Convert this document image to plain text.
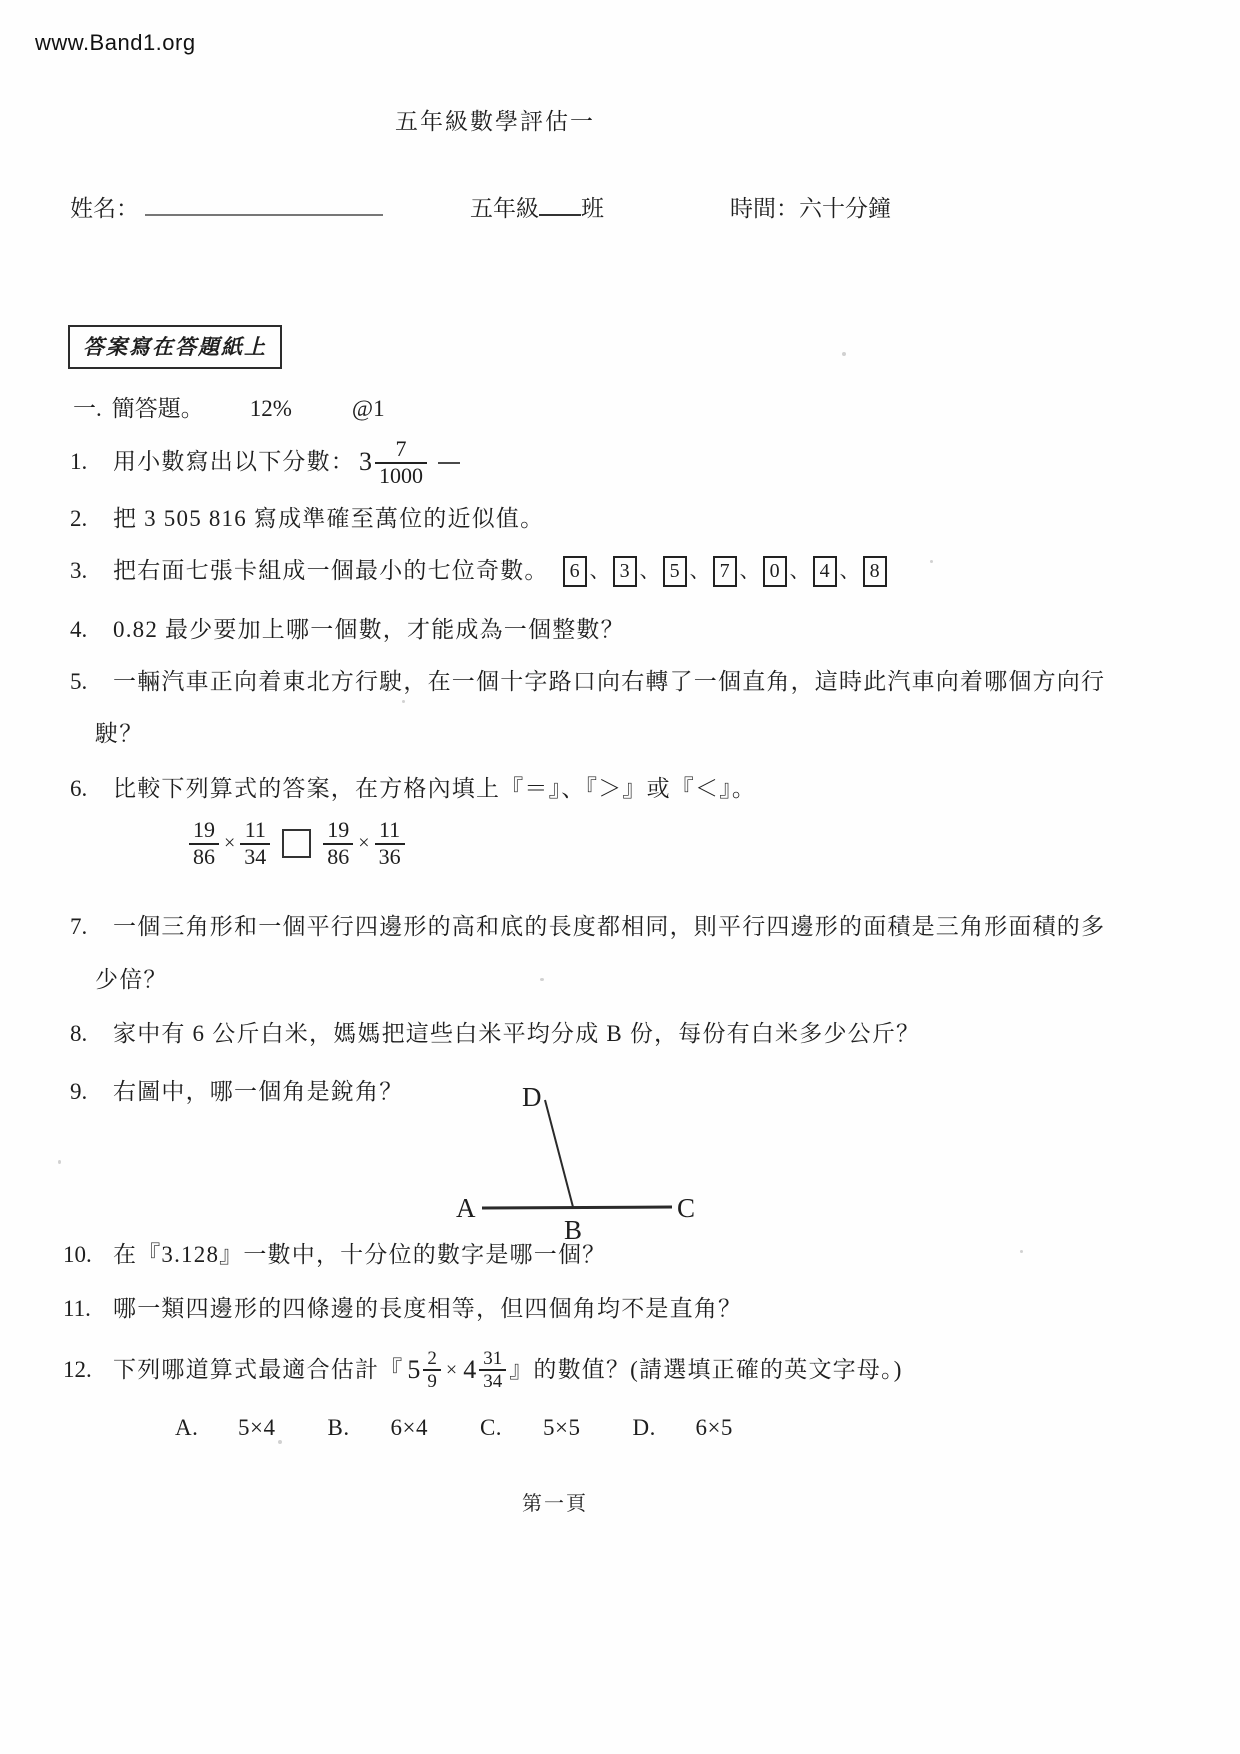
www.Band1.org
五年級數學評估一
姓名：	五年級 班	時間：六十分鐘
答案寫在答題紙上
一. 簡答題。 12%	@1
1.	用小數寫出以下分數： $3 \frac{7}{1000}$
2.	把 3 505 816 寫成準確至萬位的近似值。
3.	把右面七張卡組成一個最小的七位奇數。	6 、 3 、 5 、 7 、 0 、 4 、 8
4.	0.82 最少要加上哪一個數，才能成為一個整數？
5.	一輛汽車正向着東北方行駛，在一個十字路口向右轉了一個直角，這時此汽車向着哪個方向行
駛？
6.	比較下列算式的答案，在方格內填上『＝』、『＞』或『＜』。
$\frac{19}{86} \times \frac{11}{34} \frac{19}{86} \times \frac{11}{36}$
7.	一個三角形和一個平行四邊形的高和底的長度都相同，則平行四邊形的面積是三角形面積的多
少倍？
8.	家中有 6 公斤白米，媽媽把這些白米平均分成 B 份，每份有白米多少公斤？
9.	右圖中，哪一個角是銳角？	D
A	C
B
10. 在『3.128』一數中，十分位的數字是哪一個？
11. 哪一類四邊形的四條邊的長度相等，但四個角均不是直角？
12. 下列哪道算式最適合估計『 $5 \frac{2}{9} \times 4 \frac{31}{34}$ 』的數值？(請選填正確的英文字母。)
A.	5×4 B.	6×4 C.	5×5 D.	6×5
第一頁
